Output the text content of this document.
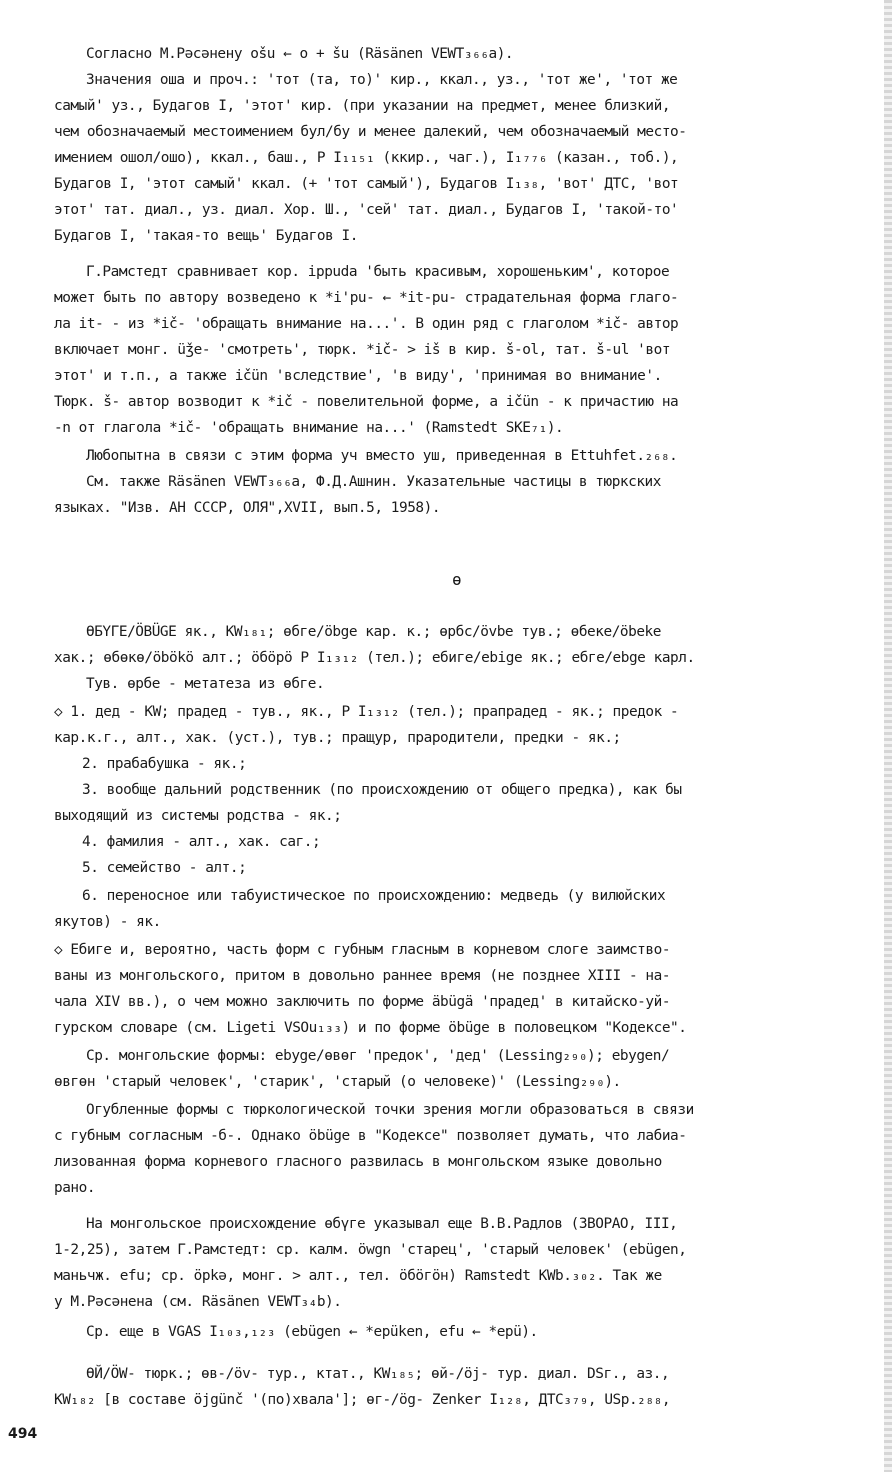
Согласно М.Рәсәнену оšu ← о + šu (Räsänen VEWT₃₆₆а).
Значения оша и проч.: 'тот (та, то)' кир., ккал., уз., 'тот же', 'тот же
самый' уз., Будагов I, 'этот' кир. (при указании на предмет, менее близкий,
чем обозначаемый местоимением бул/бу и менее далекий, чем обозначаемый место-
имением ошол/ошо), ккал., баш., Р I₁₁₅₁ (ккир., чаг.), I₁₇₇₆ (казан., тоб.),
Будагов I, 'этот самый' ккал. (+ 'тот самый'), Будагов I₁₃₈, 'вот' ДТС, 'вот
этот' тат. диал., уз. диал. Хор. Ш., 'сей' тат. диал., Будагов I, 'такой-то'
Будагов I, 'такая-то вещь' Будагов I.
Г.Рамстедт сравнивает кор. ippuda 'быть красивым, хорошеньким', которое
может быть по автору возведено к *i'pu- ← *it-pu- страдательная форма глаго-
ла it- - из *ič- 'обращать внимание на...'. В один ряд с глаголом *ič- автор
включает монг. üǯe- 'смотреть', тюрк. *ič- > iš в кир. š-ol, тат. š-ul 'вот
этот' и т.п., а также ičün 'вследствие', 'в виду', 'принимая во внимание'.
Тюрк. š- автор возводит к *ič - повелительной форме, а ičün - к причастию на
-n от глагола *ič- 'обращать внимание на...' (Ramstedt SKE₇₁).
Любопытна в связи с этим форма уч вместо уш, приведенная в Ettuhfet.₂₆₈.
См. также Räsänen VEWT₃₆₆а, Ф.Д.Ашнин. Указательные частицы в тюркских
языках. "Изв. АН СССР, ОЛЯ",XVII, вып.5, 1958).
ө
ӨБҮГЕ/ÖBÜGE як., KW₁₈₁; өбге/öbge кар. к.; өрбс/övbe тув.; өбеке/öbeke
хак.; өбөкө/öbökö алт.; öбӧрӧ Р I₁₃₁₂ (тел.); ебиге/ebige як.; ебге/ebge карл.
Тув. өрбе - метатеза из өбге.
◇ 1. дед - KW; прадед - тув., як., Р I₁₃₁₂ (тел.); прапрадед - як.; предок -
кар.к.г., алт., хак. (уст.), тув.; пращур, прародители, предки - як.;
2. прабабушка - як.;
3. вообще дальний родственник (по происхождению от общего предка), как бы
выходящий из системы родства - як.;
4. фамилия - алт., хак. саг.;
5. семейство - алт.;
6. переносное или табуистическое по происхождению: медведь (у вилюйских
якутов) - як.
◇ Ебиге и, вероятно, часть форм с губным гласным в корневом слоге заимство-
ваны из монгольского, притом в довольно раннее время (не позднее XIII - на-
чала XIV вв.), о чем можно заключить по форме äbügä 'прадед' в китайско-уй-
гурском словаре (см. Ligeti VSOu₁₃₃) и по форме öbüge в половецком "Кодексе".
Ср. монгольские формы: ebyge/өвөг 'предок', 'дед' (Lessing₂₉₀); ebygen/
өвгөн 'старый человек', 'старик', 'старый (о человеке)' (Lessing₂₉₀).
Огубленные формы с тюркологической точки зрения могли образоваться в связи
с губным согласным -б-. Однако öbüge в "Кодексе" позволяет думать, что лабиа-
лизованная форма корневого гласного развилась в монгольском языке довольно
рано.
На монгольское происхождение өбүге указывал еще В.В.Радлов (ЗВОРАО, III,
1-2,25), затем Г.Рамстедт: ср. калм. öwgn 'старец', 'старый человек' (ebügen,
маньчж. efu; ср. öpkə, монг. > алт., тел. öбöгöн) Ramstedt KWb.₃₀₂. Так же
у М.Рәсәнена (см. Räsänen VEWT₃₄b).
Ср. еще в VGAS I₁₀₃,₁₂₃ (ebügen ← *epüken, efu ← *epü).
ӨЙ/ÖW- тюрк.; өв-/öv- тур., ктат., KW₁₈₅; өй-/öj- тур. диал. DSг., аз.,
KW₁₈₂ [в составе öjgünč '(по)хвала']; өг-/ög- Zenker I₁₂₈, ДТС₃₇₉, USp.₂₈₈,
494
